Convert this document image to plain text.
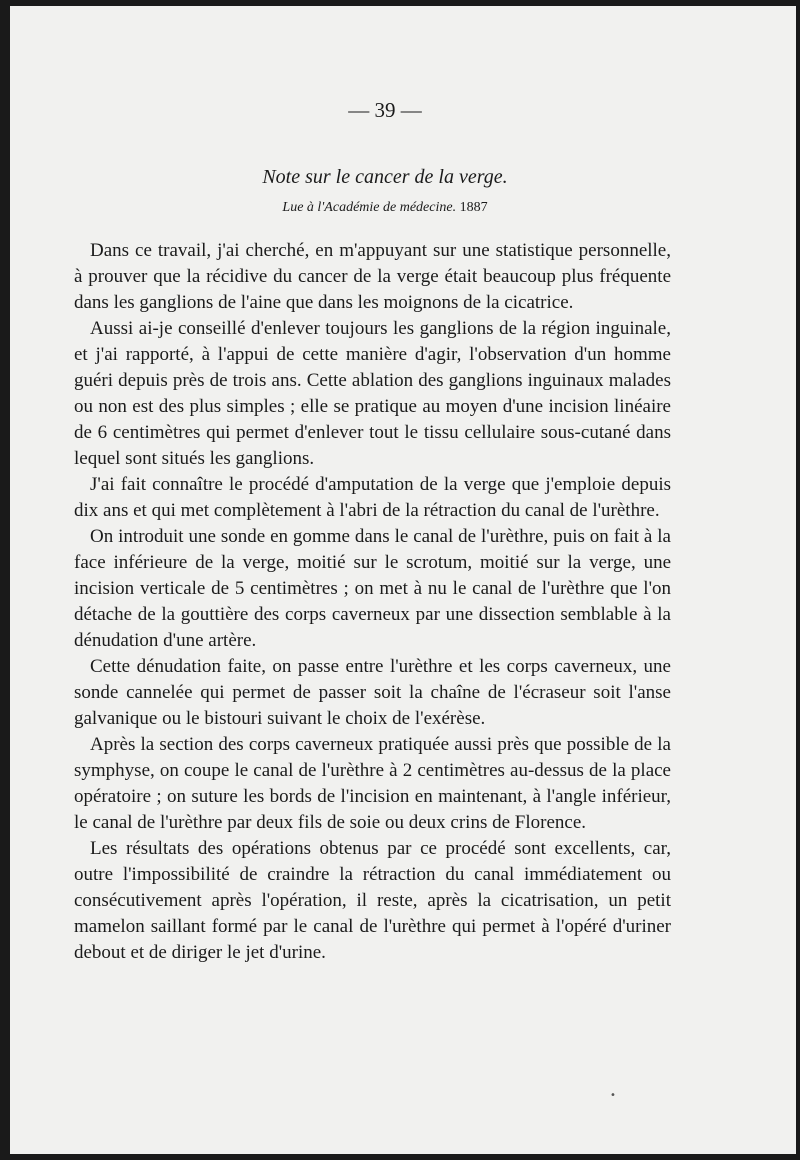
— 39 —
Note sur le cancer de la verge.
Lue à l'Académie de médecine. 1887

Dans ce travail, j'ai cherché, en m'appuyant sur une statistique personnelle, à prouver que la récidive du cancer de la verge était beaucoup plus fréquente dans les ganglions de l'aine que dans les moignons de la cicatrice.

Aussi ai-je conseillé d'enlever toujours les ganglions de la région inguinale, et j'ai rapporté, à l'appui de cette manière d'agir, l'observation d'un homme guéri depuis près de trois ans. Cette ablation des ganglions inguinaux malades ou non est des plus simples ; elle se pratique au moyen d'une incision linéaire de 6 centimètres qui permet d'enlever tout le tissu cellulaire sous-cutané dans lequel sont situés les ganglions.

J'ai fait connaître le procédé d'amputation de la verge que j'emploie depuis dix ans et qui met complètement à l'abri de la rétraction du canal de l'urèthre.

On introduit une sonde en gomme dans le canal de l'urèthre, puis on fait à la face inférieure de la verge, moitié sur le scrotum, moitié sur la verge, une incision verticale de 5 centimètres ; on met à nu le canal de l'urèthre que l'on détache de la gouttière des corps caverneux par une dissection semblable à la dénudation d'une artère.

Cette dénudation faite, on passe entre l'urèthre et les corps caverneux, une sonde cannelée qui permet de passer soit la chaîne de l'écraseur soit l'anse galvanique ou le bistouri suivant le choix de l'exérèse.

Après la section des corps caverneux pratiquée aussi près que possible de la symphyse, on coupe le canal de l'urèthre à 2 centimètres au-dessus de la place opératoire ; on suture les bords de l'incision en maintenant, à l'angle inférieur, le canal de l'urèthre par deux fils de soie ou deux crins de Florence.

Les résultats des opérations obtenus par ce procédé sont excellents, car, outre l'impossibilité de craindre la rétraction du canal immédiatement ou consécutivement après l'opération, il reste, après la cicatrisation, un petit mamelon saillant formé par le canal de l'urèthre qui permet à l'opéré d'uriner debout et de diriger le jet d'urine.

•
